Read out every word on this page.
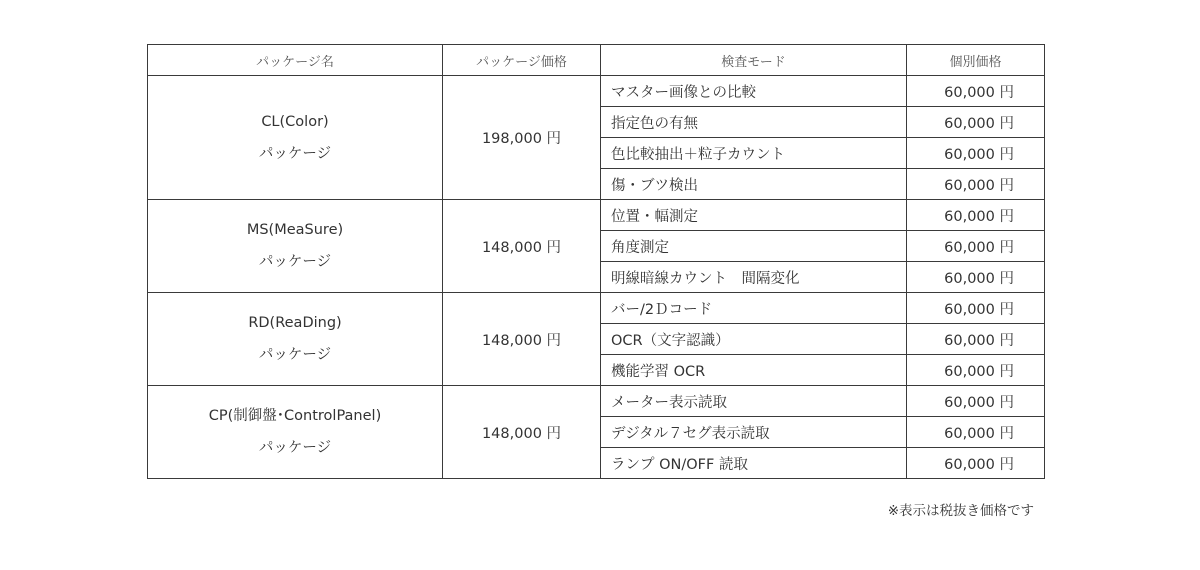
パッケージ名	パッケージ価格	検査モード	個別価格

CL(Color)
パッケージ	198,000 円	マスター画像との比較	60,000 円
		指定色の有無	60,000 円
		色比較抽出＋粒子カウント	60,000 円
		傷・ブツ検出	60,000 円

MS(MeaSure)
パッケージ	148,000 円	位置・幅測定	60,000 円
		角度測定	60,000 円
		明線暗線カウント　間隔変化	60,000 円

RD(ReaDing)
パッケージ	148,000 円	バー/2Ｄコード	60,000 円
		OCR（文字認識）	60,000 円
		機能学習 OCR	60,000 円

CP(制御盤･ControlPanel)
パッケージ	148,000 円	メーター表示読取	60,000 円
		デジタル７セグ表示読取	60,000 円
		ランプ ON/OFF 読取	60,000 円
※表示は税抜き価格です
